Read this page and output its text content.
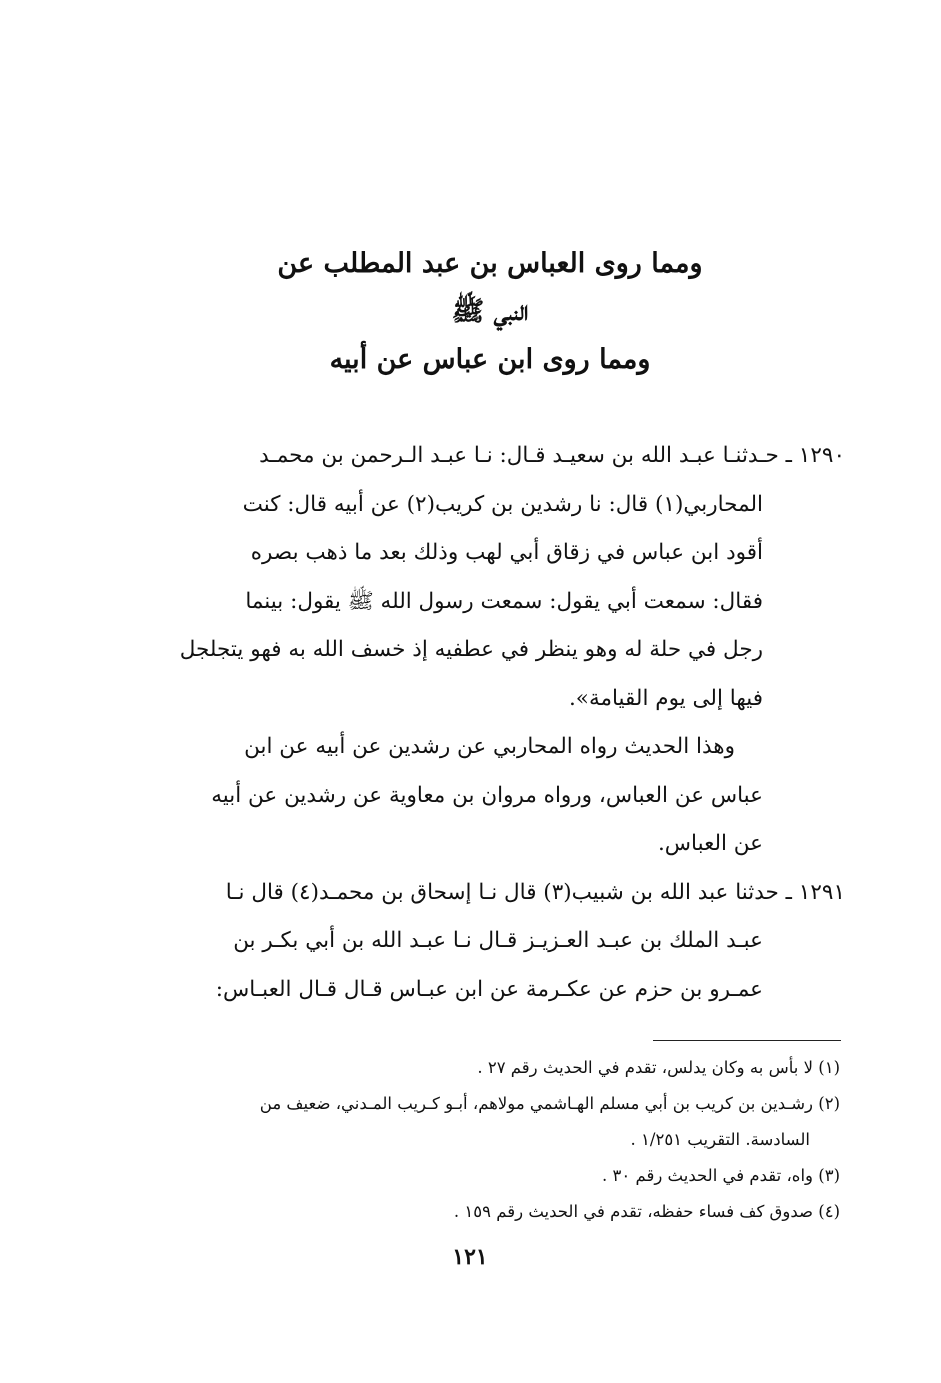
ومما روى العباس بن عبد المطلب عن
النبي ﷺ
ومما روى ابن عباس عن أبيه
١٢٩٠ ـ حـدثنـا عبـد الله بن سعيـد قـال: نـا عبـد الـرحمن بن محمـد
المحاربي(١) قال: نا رشدين بن كريب(٢) عن أبيه قال: كنت
أقود ابن عباس في زقاق أبي لهب وذلك بعد ما ذهب بصره
فقال: سمعت أبي يقول: سمعت رسول الله ﷺ يقول: بينما
رجل في حلة له وهو ينظر في عطفيه إذ خسف الله به فهو يتجلجل
فيها إلى يوم القيامة».
وهذا الحديث رواه المحاربي عن رشدين عن أبيه عن ابن
عباس عن العباس، ورواه مروان بن معاوية عن رشدين عن أبيه
عن العباس.
١٢٩١ ـ حدثنا عبد الله بن شبيب(٣) قال نـا إسحاق بن محمـد(٤) قال نـا
عبـد الملك بن عبـد العـزيـز قـال نـا عبـد الله بن أبي بكـر بن
عمـرو بن حزم عن عكـرمة عن ابن عبـاس قـال قـال العبـاس:
(١) لا بأس به وكان يدلس، تقدم في الحديث رقم ٢٧ .
(٢) رشـدين بن كريب بن أبي مسلم الهـاشمي مولاهم، أبـو كـريب المـدني، ضعيف من
السادسة. التقريب ١/٢٥١ .
(٣) واه، تقدم في الحديث رقم ٣٠ .
(٤) صدوق كف فساء حفظه، تقدم في الحديث رقم ١٥٩ .
١٢١
